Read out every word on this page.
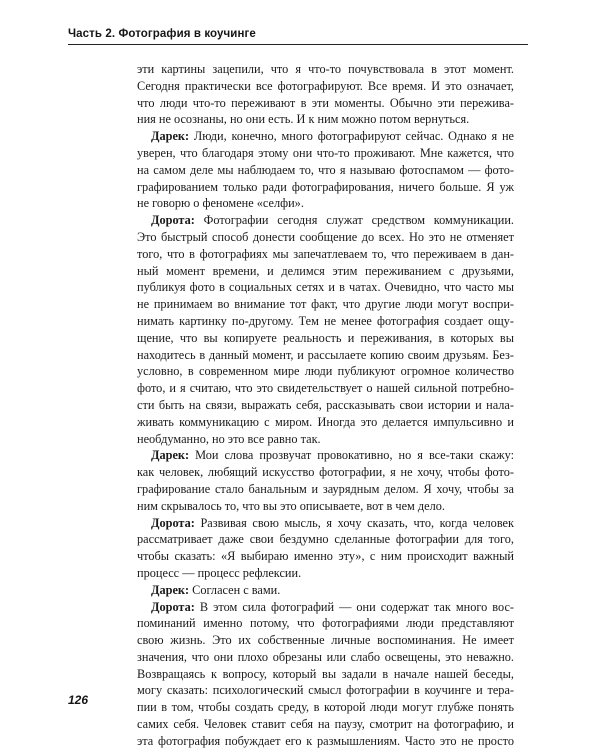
Часть 2. Фотография в коучинге
эти картины зацепили, что я что-то почувствовала в этот момент.
Сегодня практически все фотографируют. Все время. И это означает,
что люди что-то переживают в эти моменты. Обычно эти пережива-
ния не осознаны, но они есть. И к ним можно потом вернуться.
Дарек: Люди, конечно, много фотографируют сейчас. Однако я не
уверен, что благодаря этому они что-то проживают. Мне кажется, что
на самом деле мы наблюдаем то, что я называю фотоспамом — фото-
графированием только ради фотографирования, ничего больше. Я уж
не говорю о феномене «селфи».
Дорота: Фотографии сегодня служат средством коммуникации.
Это быстрый способ донести сообщение до всех. Но это не отменяет
того, что в фотографиях мы запечатлеваем то, что переживаем в дан-
ный момент времени, и делимся этим переживанием с друзьями,
публикуя фото в социальных сетях и в чатах. Очевидно, что часто мы
не принимаем во внимание тот факт, что другие люди могут воспри-
нимать картинку по-другому. Тем не менее фотография создает ощу-
щение, что вы копируете реальность и переживания, в которых вы
находитесь в данный момент, и рассылаете копию своим друзьям. Без-
условно, в современном мире люди публикуют огромное количество
фото, и я считаю, что это свидетельствует о нашей сильной потребно-
сти быть на связи, выражать себя, рассказывать свои истории и нала-
живать коммуникацию с миром. Иногда это делается импульсивно и
необдуманно, но это все равно так.
Дарек: Мои слова прозвучат провокативно, но я все-таки скажу:
как человек, любящий искусство фотографии, я не хочу, чтобы фото-
графирование стало банальным и заурядным делом. Я хочу, чтобы за
ним скрывалось то, что вы это описываете, вот в чем дело.
Дорота: Развивая свою мысль, я хочу сказать, что, когда человек
рассматривает даже свои бездумно сделанные фотографии для того,
чтобы сказать: «Я выбираю именно эту», с ним происходит важный
процесс — процесс рефлексии.
Дарек: Согласен с вами.
Дорота: В этом сила фотографий — они содержат так много вос-
поминаний именно потому, что фотографиями люди представляют
свою жизнь. Это их собственные личные воспоминания. Не имеет
значения, что они плохо обрезаны или слабо освещены, это неважно.
Возвращаясь к вопросу, который вы задали в начале нашей беседы,
могу сказать: психологический смысл фотографии в коучинге и тера-
пии в том, чтобы создать среду, в которой люди могут глубже понять
самих себя. Человек ставит себя на паузу, смотрит на фотографию, и
эта фотография побуждает его к размышлениям. Часто это не просто
126
